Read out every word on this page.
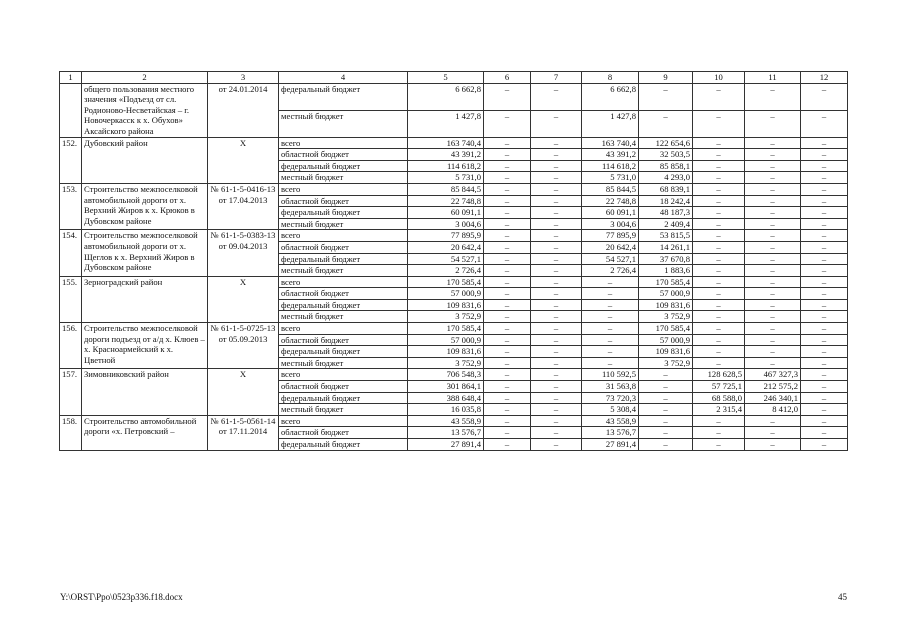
1	2	3	4	5	6	7	8	9	10	11	12
	общего пользования местного значения «Подъезд от сл. Родионово-Несветайская – г. Новочеркасск к х. Обухов» Аксайского района	от 24.01.2014	федеральный бюджет	6 662,8	–	–	6 662,8	–	–	–	–
			местный бюджет	1 427,8	–	–	1 427,8	–	–	–	–
152.	Дубовский район	Х	всего	163 740,4	–	–	163 740,4	122 654,6	–	–	–
			областной бюджет	43 391,2	–	–	43 391,2	32 503,5	–	–	–
			федеральный бюджет	114 618,2	–	–	114 618,2	85 858,1	–	–	–
			местный бюджет	5 731,0	–	–	5 731,0	4 293,0	–	–	–
153.	Строительство межпоселковой автомобильной дороги от х. Верхний Жиров к х. Крюков в Дубовском районе	№ 61-1-5-0416-13 от 17.04.2013	всего	85 844,5	–	–	85 844,5	68 839,1	–	–	–
			областной бюджет	22 748,8	–	–	22 748,8	18 242,4	–	–	–
			федеральный бюджет	60 091,1	–	–	60 091,1	48 187,3	–	–	–
			местный бюджет	3 004,6	–	–	3 004,6	2 409,4	–	–	–
154.	Строительство межпоселковой автомобильной дороги от х. Щеглов к х. Верхний Жиров в Дубовском районе	№ 61-1-5-0383-13 от 09.04.2013	всего	77 895,9	–	–	77 895,9	53 815,5	–	–	–
			областной бюджет	20 642,4	–	–	20 642,4	14 261,1	–	–	–
			федеральный бюджет	54 527,1	–	–	54 527,1	37 670,8	–	–	–
			местный бюджет	2 726,4	–	–	2 726,4	1 883,6	–	–	–
155.	Зерноградский район	Х	всего	170 585,4	–	–	–	170 585,4	–	–	–
			областной бюджет	57 000,9	–	–	–	57 000,9	–	–	–
			федеральный бюджет	109 831,6	–	–	–	109 831,6	–	–	–
			местный бюджет	3 752,9	–	–	–	3 752,9	–	–	–
156.	Строительство межпоселковой дороги подъезд от а/д х. Клюев – х. Красноармейский к х. Цветной	№ 61-1-5-0725-13 от 05.09.2013	всего	170 585,4	–	–	–	170 585,4	–	–	–
			областной бюджет	57 000,9	–	–	–	57 000,9	–	–	–
			федеральный бюджет	109 831,6	–	–	–	109 831,6	–	–	–
			местный бюджет	3 752,9	–	–	–	3 752,9	–	–	–
157.	Зимовниковский район	Х	всего	706 548,3	–	–	110 592,5	–	128 628,5	467 327,3	–
			областной бюджет	301 864,1	–	–	31 563,8	–	57 725,1	212 575,2	–
			федеральный бюджет	388 648,4	–	–	73 720,3	–	68 588,0	246 340,1	–
			местный бюджет	16 035,8	–	–	5 308,4	–	2 315,4	8 412,0	–
158.	Строительство автомобильной дороги «х. Петровский –	№ 61-1-5-0561-14 от 17.11.2014	всего	43 558,9	–	–	43 558,9	–	–	–	–
			областной бюджет	13 576,7	–	–	13 576,7	–	–	–	–
			федеральный бюджет	27 891,4	–	–	27 891,4	–	–	–	–
Y:\ORST\Ppo\0523p336.f18.docx	45
